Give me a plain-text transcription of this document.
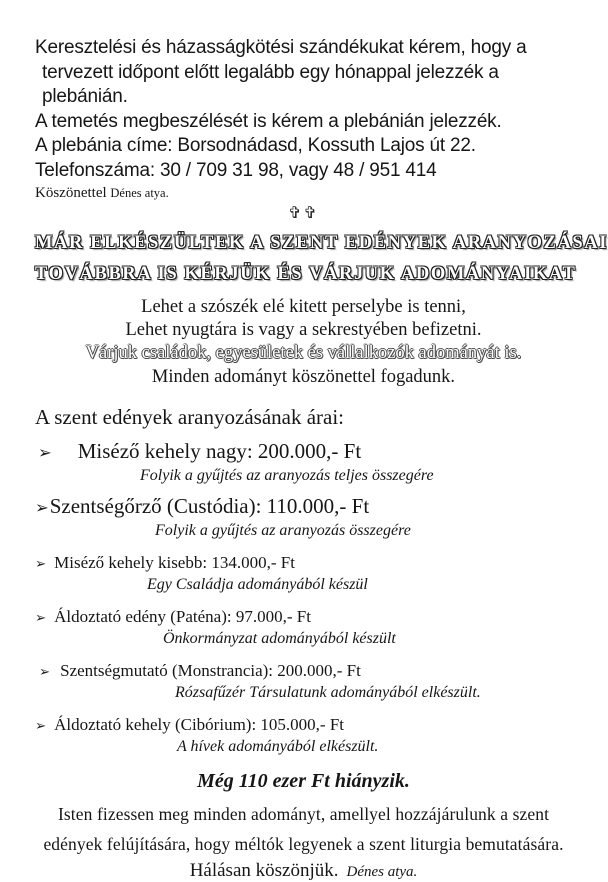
Keresztelési és házasságkötési szándékukat kérem, hogy a
tervezett időpont előtt legalább egy hónappal jelezzék a
plebánián.
A temetés megbeszélését is kérem a plebánián jelezzék.
A plebánia címe: Borsodnádasd, Kossuth Lajos út 22.
Telefonszáma: 30 / 709 31 98, vagy 48 / 951 414
Köszönettel Dénes atya.
✞✞
MÁR ELKÉSZÜLTEK A SZENT EDÉNYEK ARANYOZÁSAI
TOVÁBBRA IS KÉRJÜK ÉS VÁRJUK ADOMÁNYAIKAT
Lehet a szószék elé kitett perselybe is tenni,
Lehet nyugtára is vagy a sekrestyében befizetni.
Várjuk családok, egyesületek és vállalkozók adományát is.
Minden adományt köszönettel fogadunk.
A szent edények aranyozásának árai:
➢ Miséző kehely nagy: 200.000,- Ft
Folyik a gyűjtés az aranyozás teljes összegére
➢Szentségőrző (Custódia): 110.000,- Ft
Folyik a gyűjtés az aranyozás összegére
➢ Miséző kehely kisebb: 134.000,- Ft
Egy Családja adományából készül
➢ Áldoztató edény (Paténa): 97.000,- Ft
Önkormányzat adományából készült
➢ Szentségmutató (Monstrancia): 200.000,- Ft
Rózsafűzér Társulatunk adományából elkészült.
➢ Áldoztató kehely (Cibórium): 105.000,- Ft
A hívek adományából elkészült.
Még 110 ezer Ft hiányzik.
Isten fizessen meg minden adományt, amellyel hozzájárulunk a szent
edények felújítására, hogy méltók legyenek a szent liturgia bemutatására.
Hálásan köszönjük. Dénes atya.
